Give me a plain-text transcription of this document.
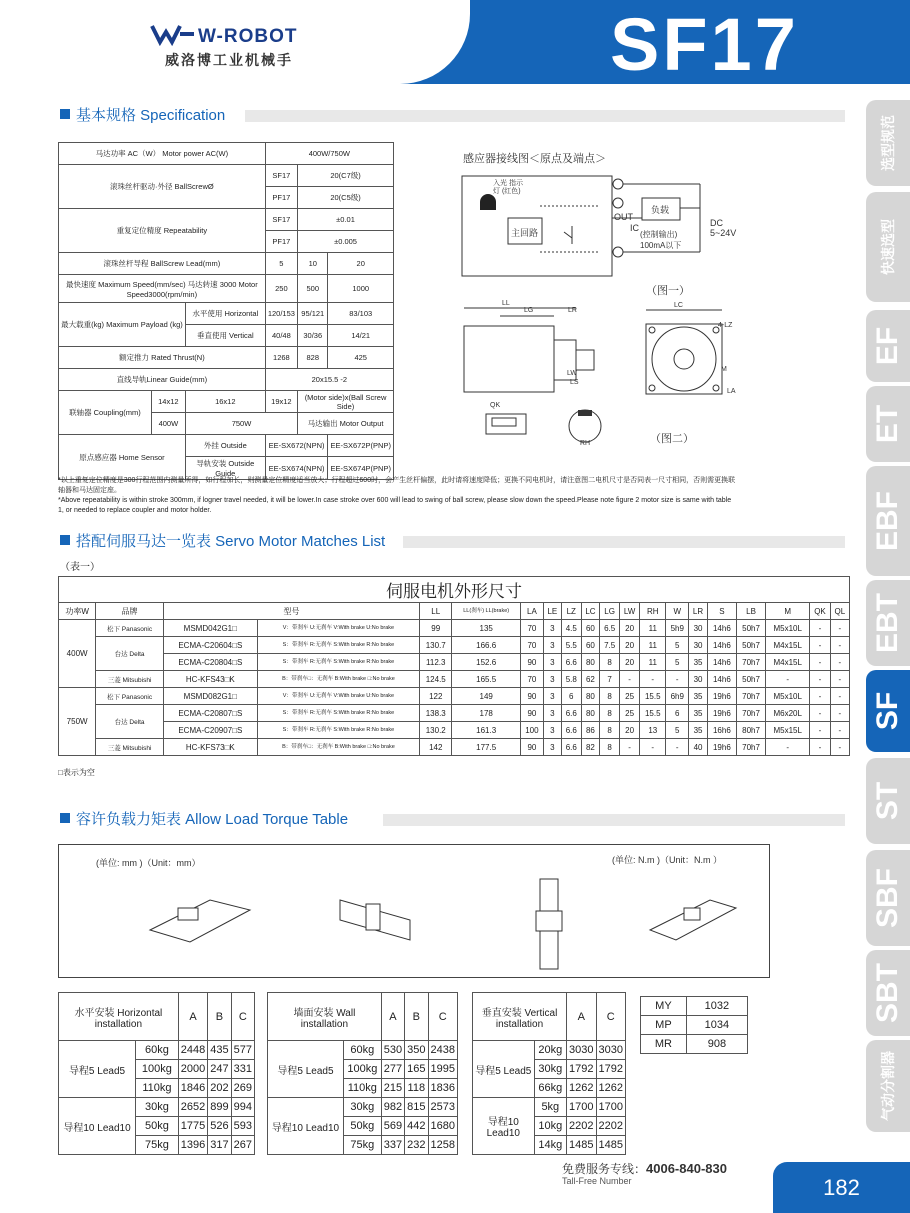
W-ROBOT
威洛博工业机械手	SF17
选型规范
快速选型
EF
ET
EBF
EBT
SF
ST
SBF
SBT
气动分割器
基本规格 Specification
马达功率 AC（W） Motor power AC(W)			400W/750W		
滚珠丝杆驱动·外径 BallScrewØ			SF17	20(C7级)	
			PF17	20(C5级)	
重复定位精度 Repeatability			SF17	±0.01	
			PF17	±0.005	
滚珠丝杆导程 BallScrew Lead(mm)			5	10	20
最快速度 Maximum Speed(mm/sec) 马达转速 3000 Motor Speed3000(rpm/min)			250	500	1000
最大载重(kg) Maximum Payload (kg)		水平使用 Horizontal	120/153	95/121	83/103
		垂直使用 Vertical	40/48	30/36	14/21
额定推力 Rated Thrust(N)			1268	828	425
直线导轨Linear Guide(mm)			20x15.5 -2		
联轴器 Coupling(mm)	14x12	16x12	19x12	(Motor side)x(Ball Screw Side)	
	400W	750W		马达输出 Motor Output	
原点感应器 Home Sensor		外挂 Outside	EE-SX672(NPN)		EE-SX672P(PNP)
		导轨安装 Outside Guide	EE-SX674(NPN)		EE-SX674P(PNP)
感应器接线图＜原点及端点＞
入光 指示灯 (红色)
主回路
负载
OUT
IC
(控制输出) 100mA以下
DC 5~24V
（图一）
LL
LG	LR
LW
LS
LC
4-LZ
M
LA
QK
RH	（图二）
*以上重复定位精度是300行程范围内测量所得，如行程加长，则测量定位精度适当放大；行程超过600时，会产生丝杆偏摆，此时请将速度降低；更换不同电机时，请注意图二电机尺寸是否同表一尺寸相同，否则需更换联轴器和马达固定座。
*Above repeatability is within stroke 300mm, if logner travel needed, it will be lower.In case stroke over 600 will lead to swing of ball screw, please slow down the speed.Please note figure 2 motor size is same with table 1, or needed to replace coupler and motor holder.
搭配伺服马达一览表 Servo Motor Matches List
（表一）
伺服电机外形尺寸																			
功率W	品牌	型号		LL	LL(刹车) LL(brake)	LA	LE	LZ	LC	LG	LW	RH	W	LR	S	LB	M	QK	QL
400W	松下 Panasonic	MSMD042G1□	V：带刹车 U:无刹车 V:With brake U:No brake	99	135	70	3	4.5	60	6.5	20	11	5h9	30	14h6	50h7	M5x10L	-	-
	台达 Delta	ECMA-C20604□S	S：带刹车 R:无刹车 S:With brake R:No brake	130.7	166.6	70	3	5.5	60	7.5	20	11	5	30	14h6	50h7	M4x15L	-	-
		ECMA-C20804□S	S：带刹车 R:无刹车 S:With brake R:No brake	112.3	152.6	90	3	6.6	80	8	20	11	5	35	14h6	70h7	M4x15L	-	-
	三菱 Mitsubishi	HC-KFS43□K	B：带刹车□：无刹车 B:With brake □:No brake	124.5	165.5	70	3	5.8	62	7	-	-	-	30	14h6	50h7	-	-	-
750W	松下 Panasonic	MSMD082G1□	V：带刹车 U:无刹车 V:With brake U:No brake	122	149	90	3	6	80	8	25	15.5	6h9	35	19h6	70h7	M5x10L	-	-
	台达 Delta	ECMA-C20807□S	S：带刹车 R:无刹车 S:With brake R:No brake	138.3	178	90	3	6.6	80	8	25	15.5	6	35	19h6	70h7	M6x20L	-	-
		ECMA-C20907□S	S：带刹车 R:无刹车 S:With brake R:No brake	130.2	161.3	100	3	6.6	86	8	20	13	5	35	16h6	80h7	M5x15L	-	-
	三菱 Mitsubishi	HC-KFS73□K	B：带刹车□：无刹车 B:With brake □:No brake	142	177.5	90	3	6.6	82	8	-	-	-	40	19h6	70h7	-	-	-
□表示为空
容许负载力矩表 Allow Load Torque Table
(单位: mm )（Unit：mm）	(单位: N.m )（Unit：N.m ）
水平安装 Horizontal installation		A	B	C
导程5 Lead5	60kg	2448	435	577
	100kg	2000	247	331
	110kg	1846	202	269
导程10 Lead10	30kg	2652	899	994
	50kg	1775	526	593
	75kg	1396	317	267
墙面安装 Wall installation		A	B	C
导程5 Lead5	60kg	530	350	2438
	100kg	277	165	1995
	110kg	215	118	1836
导程10 Lead10	30kg	982	815	2573
	50kg	569	442	1680
	75kg	337	232	1258
垂直安装 Vertical installation		A	C
导程5 Lead5	20kg	3030	3030
	30kg	1792	1792
	66kg	1262	1262
导程10 Lead10	5kg	1700	1700
	10kg	2202	2202
	14kg	1485	1485
MY	1032
MP	1034
MR	908
免费服务专线：4006-840-830
Tall-Free Number	182
